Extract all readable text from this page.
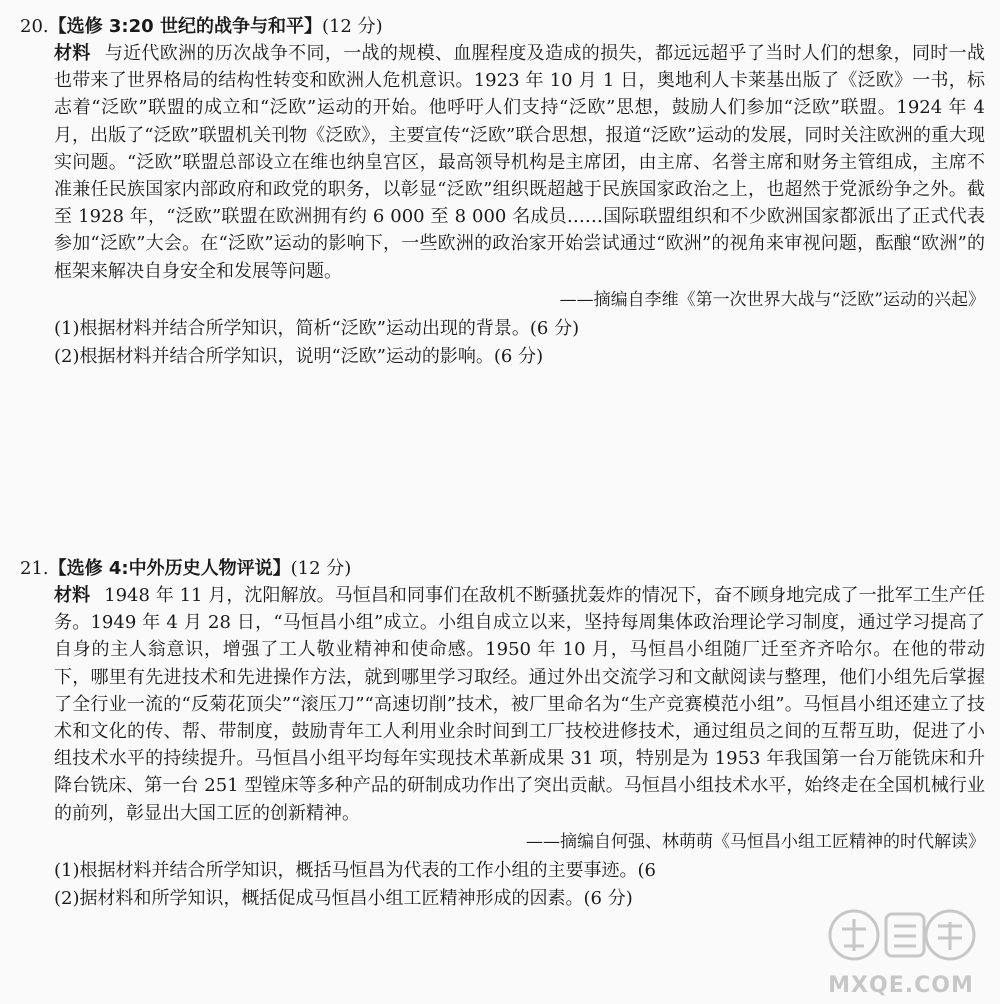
20.【选修 3:20 世纪的战争与和平】(12 分)

材料 与近代欧洲的历次战争不同，一战的规模、血腥程度及造成的损失，都远远超乎了当时人们的想象，同时一战也带来了世界格局的结构性转变和欧洲人危机意识。1923 年 10 月 1 日，奥地利人卡莱基出版了《泛欧》一书，标志着“泛欧”联盟的成立和“泛欧”运动的开始。他呼吁人们支持“泛欧”思想，鼓励人们参加“泛欧”联盟。1924 年 4 月，出版了“泛欧”联盟机关刊物《泛欧》，主要宣传“泛欧”联合思想，报道“泛欧”运动的发展，同时关注欧洲的重大现实问题。“泛欧”联盟总部设立在维也纳皇宫区，最高领导机构是主席团，由主席、名誉主席和财务主管组成，主席不准兼任民族国家内部政府和政党的职务，以彰显“泛欧”组织既超越于民族国家政治之上，也超然于党派纷争之外。截至 1928 年，“泛欧”联盟在欧洲拥有约 6 000 至 8 000 名成员……国际联盟组织和不少欧洲国家都派出了正式代表参加“泛欧”大会。在“泛欧”运动的影响下，一些欧洲的政治家开始尝试通过“欧洲”的视角来审视问题，酝酿“欧洲”的框架来解决自身安全和发展等问题。

——摘编自李维《第一次世界大战与“泛欧”运动的兴起》
(1)根据材料并结合所学知识，简析“泛欧”运动出现的背景。(6 分)
(2)根据材料并结合所学知识，说明“泛欧”运动的影响。(6 分)
21.【选修 4:中外历史人物评说】(12 分)

材料 1948 年 11 月，沈阳解放。马恒昌和同事们在敌机不断骚扰轰炸的情况下，奋不顾身地完成了一批军工生产任务。1949 年 4 月 28 日，“马恒昌小组”成立。小组自成立以来，坚持每周集体政治理论学习制度，通过学习提高了自身的主人翁意识，增强了工人敬业精神和使命感。1950 年 10 月，马恒昌小组随厂迁至齐齐哈尔。在他的带动下，哪里有先进技术和先进操作方法，就到哪里学习取经。通过外出交流学习和文献阅读与整理，他们小组先后掌握了全行业一流的“反菊花顶尖”“滚压刀”“高速切削”技术，被厂里命名为“生产竞赛模范小组”。马恒昌小组还建立了技术和文化的传、帮、带制度，鼓励青年工人利用业余时间到工厂技校进修技术，通过组员之间的互帮互助，促进了小组技术水平的持续提升。马恒昌小组平均每年实现技术革新成果 31 项，特别是为 1953 年我国第一台万能铣床和升降台铣床、第一台 251 型镗床等多种产品的研制成功作出了突出贡献。马恒昌小组技术水平，始终走在全国机械行业的前列，彰显出大国工匠的创新精神。

——摘编自何强、林萌萌《马恒昌小组工匠精神的时代解读》
(1)根据材料并结合所学知识，概括马恒昌为代表的工作小组的主要事迹。(6
(2)据材料和所学知识，概括促成马恒昌小组工匠精神形成的因素。(6 分)
MXQE.COM
